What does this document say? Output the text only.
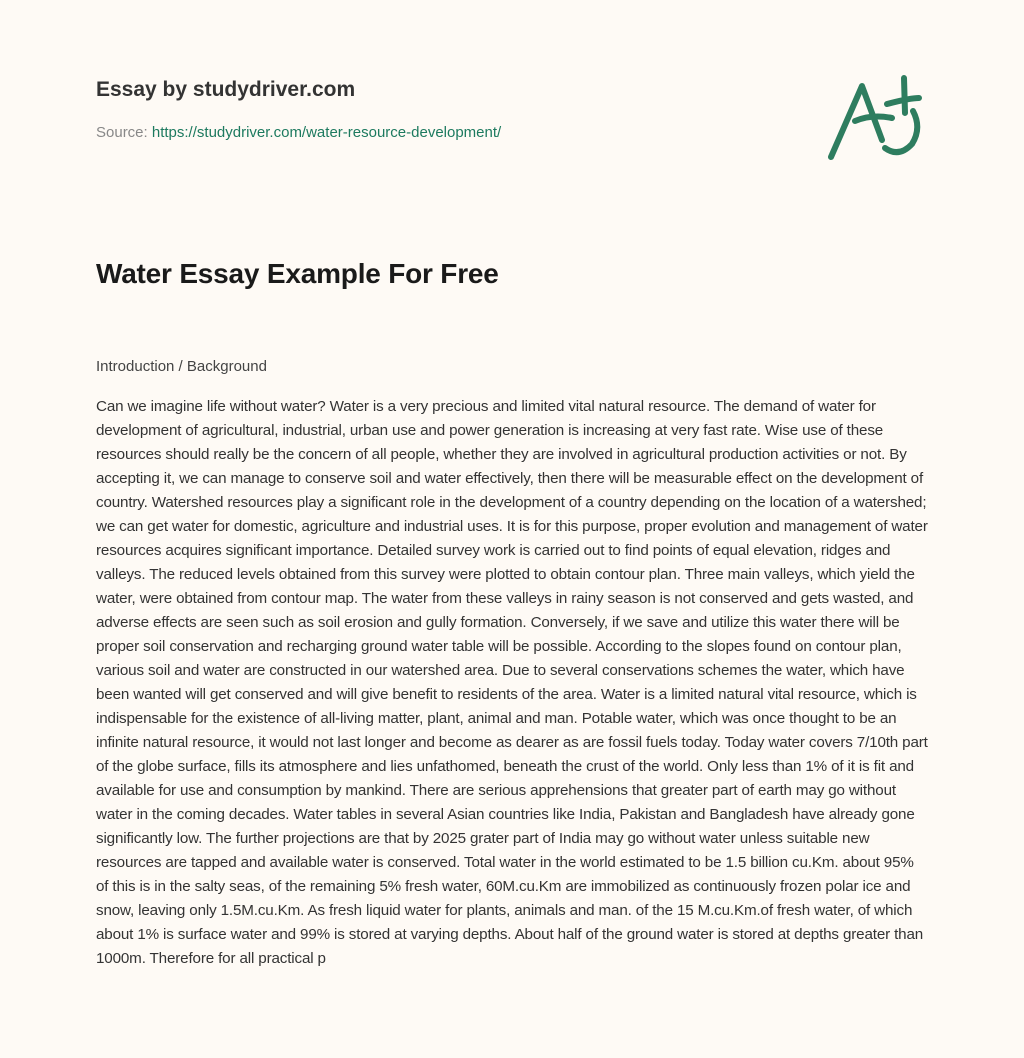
Essay by studydriver.com

Source: https://studydriver.com/water-resource-development/
Water Essay Example For Free
Introduction / Background

Can we imagine life without water? Water is a very precious and limited vital natural resource. The demand of water for development of agricultural, industrial, urban use and power generation is increasing at very fast rate. Wise use of these resources should really be the concern of all people, whether they are involved in agricultural production activities or not. By accepting it, we can manage to conserve soil and water effectively, then there will be measurable effect on the development of country. Watershed resources play a significant role in the development of a country depending on the location of a watershed; we can get water for domestic, agriculture and industrial uses. It is for this purpose, proper evolution and management of water resources acquires significant importance. Detailed survey work is carried out to find points of equal elevation, ridges and valleys. The reduced levels obtained from this survey were plotted to obtain contour plan. Three main valleys, which yield the water, were obtained from contour map. The water from these valleys in rainy season is not conserved and gets wasted, and adverse effects are seen such as soil erosion and gully formation. Conversely, if we save and utilize this water there will be proper soil conservation and recharging ground water table will be possible. According to the slopes found on contour plan, various soil and water are constructed in our watershed area. Due to several conservations schemes the water, which have been wanted will get conserved and will give benefit to residents of the area. Water is a limited natural vital resource, which is indispensable for the existence of all-living matter, plant, animal and man. Potable water, which was once thought to be an infinite natural resource, it would not last longer and become as dearer as are fossil fuels today. Today water covers 7/10th part of the globe surface, fills its atmosphere and lies unfathomed, beneath the crust of the world. Only less than 1% of it is fit and available for use and consumption by mankind. There are serious apprehensions that greater part of earth may go without water in the coming decades. Water tables in several Asian countries like India, Pakistan and Bangladesh have already gone significantly low. The further projections are that by 2025 grater part of India may go without water unless suitable new resources are tapped and available water is conserved. Total water in the world estimated to be 1.5 billion cu.Km. about 95% of this is in the salty seas, of the remaining 5% fresh water, 60M.cu.Km are immobilized as continuously frozen polar ice and snow, leaving only 1.5M.cu.Km. As fresh liquid water for plants, animals and man. of the 15 M.cu.Km.of fresh water, of which about 1% is surface water and 99% is stored at varying depths. About half of the ground water is stored at depths greater than 1000m. Therefore for all practical p
